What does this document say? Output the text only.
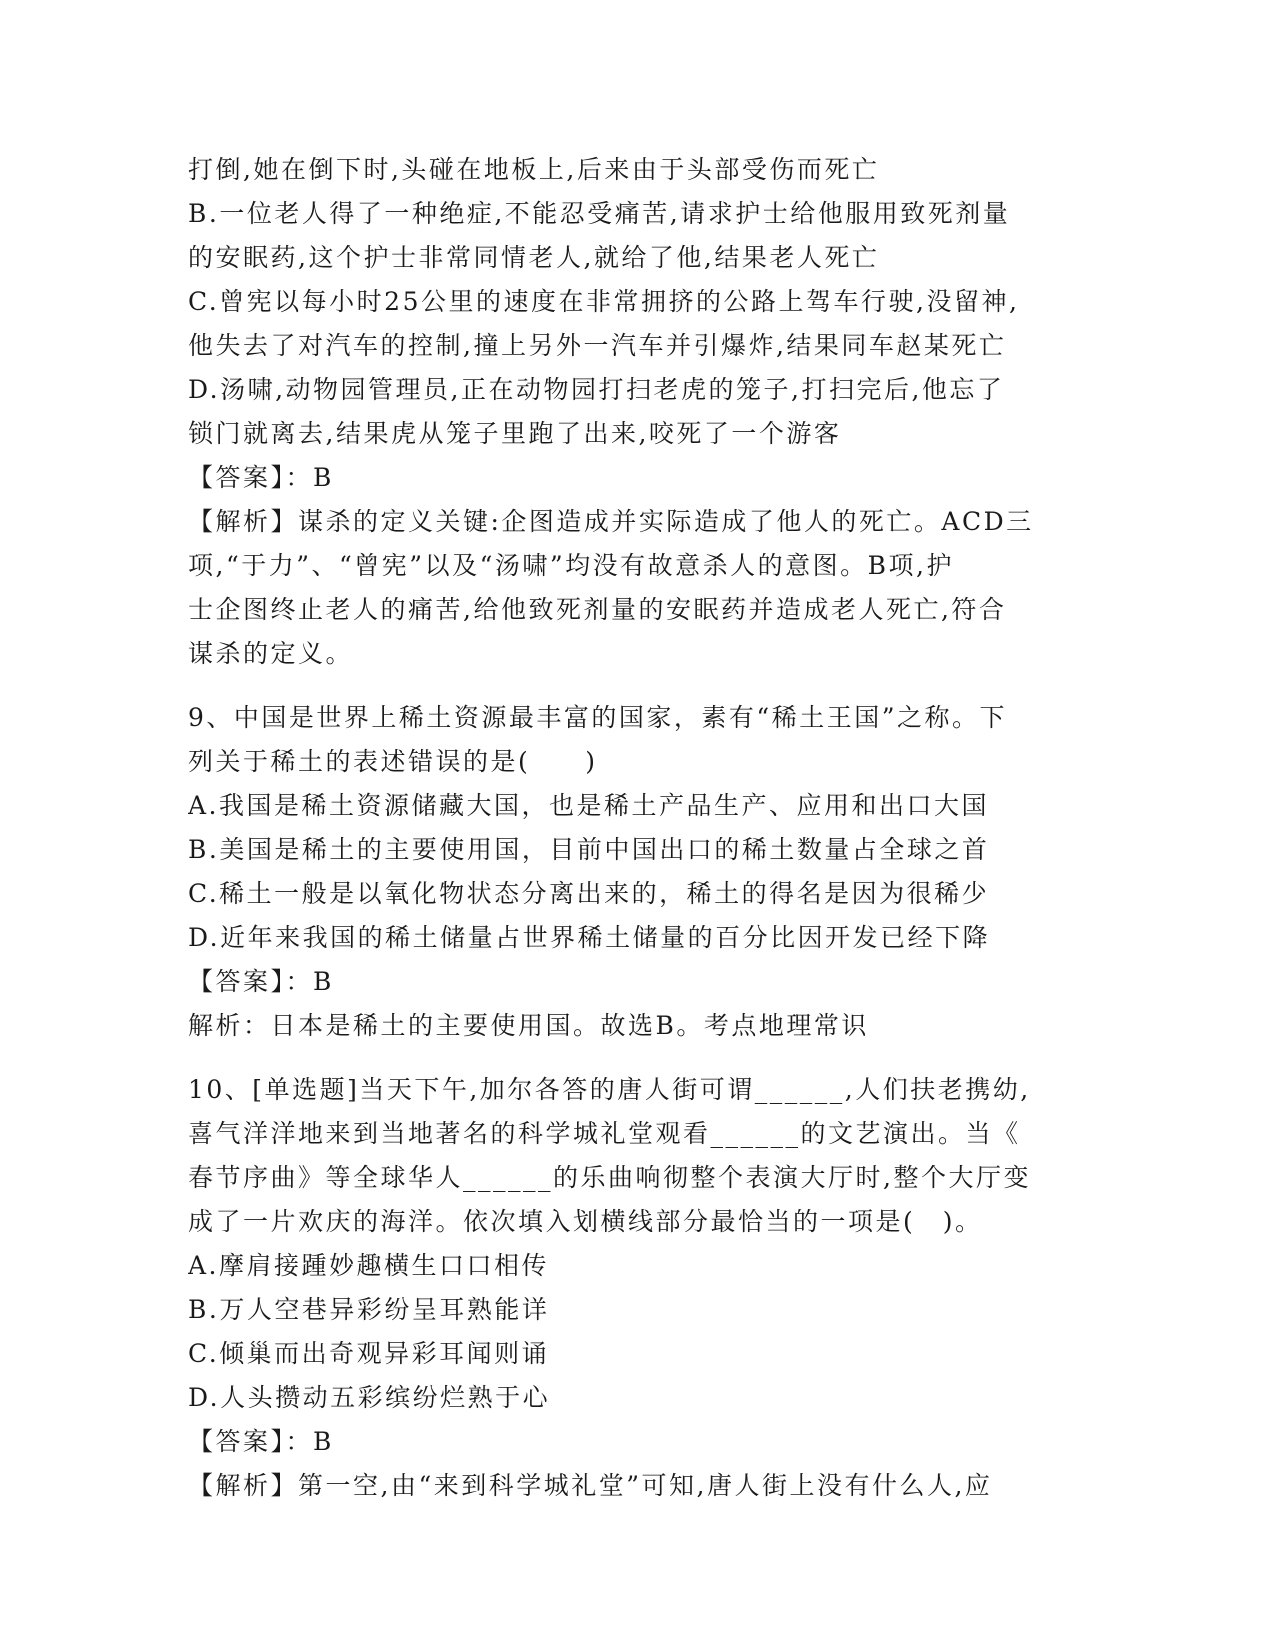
打倒,她在倒下时,头碰在地板上,后来由于头部受伤而死亡
B.一位老人得了一种绝症,不能忍受痛苦,请求护士给他服用致死剂量
的安眠药,这个护士非常同情老人,就给了他,结果老人死亡
C.曾宪以每小时25公里的速度在非常拥挤的公路上驾车行驶,没留神,
他失去了对汽车的控制,撞上另外一汽车并引爆炸,结果同车赵某死亡
D.汤啸,动物园管理员,正在动物园打扫老虎的笼子,打扫完后,他忘了
锁门就离去,结果虎从笼子里跑了出来,咬死了一个游客
【答案】：B
【解析】谋杀的定义关键:企图造成并实际造成了他人的死亡。ACD三
项,“于力”、“曾宪”以及“汤啸”均没有故意杀人的意图。B项,护
士企图终止老人的痛苦,给他致死剂量的安眠药并造成老人死亡,符合
谋杀的定义。
9、中国是世界上稀土资源最丰富的国家，素有“稀土王国”之称。下
列关于稀土的表述错误的是(　　)
A.我国是稀土资源储藏大国，也是稀土产品生产、应用和出口大国
B.美国是稀土的主要使用国，目前中国出口的稀土数量占全球之首
C.稀土一般是以氧化物状态分离出来的，稀土的得名是因为很稀少
D.近年来我国的稀土储量占世界稀土储量的百分比因开发已经下降
【答案】：B
解析：日本是稀土的主要使用国。故选B。考点地理常识
10、[单选题]当天下午,加尔各答的唐人街可谓______,人们扶老携幼,
喜气洋洋地来到当地著名的科学城礼堂观看______的文艺演出。当《
春节序曲》等全球华人______的乐曲响彻整个表演大厅时,整个大厅变
成了一片欢庆的海洋。依次填入划横线部分最恰当的一项是(　)。
A.摩肩接踵妙趣横生口口相传
B.万人空巷异彩纷呈耳熟能详
C.倾巢而出奇观异彩耳闻则诵
D.人头攒动五彩缤纷烂熟于心
【答案】：B
【解析】第一空,由“来到科学城礼堂”可知,唐人街上没有什么人,应
